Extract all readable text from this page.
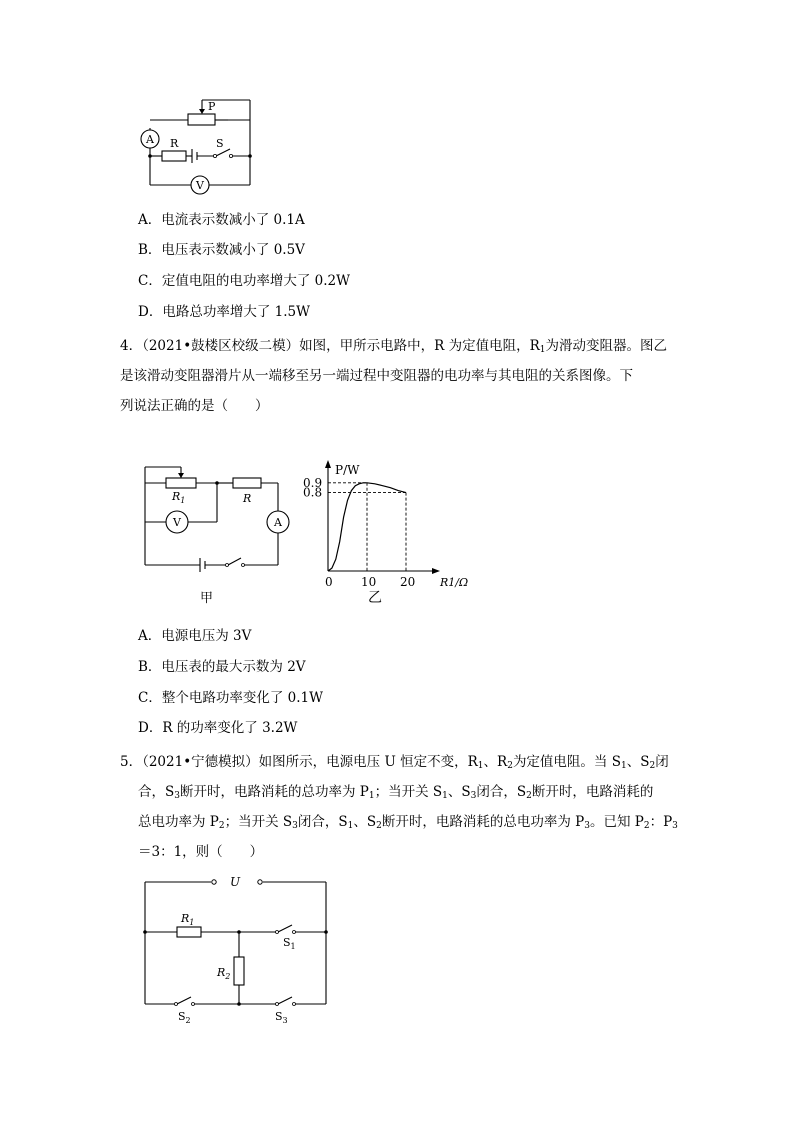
P
A R	S
V
A．电流表示数减小了 0.1A
B．电压表示数减小了 0.5V
C．定值电阻的电功率增大了 0.2W
D．电路总功率增大了 1.5W
4．（2021•鼓楼区校级二模）如图，甲所示电路中，R 为定值电阻，$R_1$为滑动变阻器。图乙
是该滑动变阻器滑片从一端移至另一端过程中变阻器的电功率与其电阻的关系图像。下
列说法正确的是（　　）
$R_1$	R
V	A
甲
0 10 20
0.8
0.9
P/W
R1/Ω
乙
A．电源电压为 3V
B．电压表的最大示数为 2V
C．整个电路功率变化了 0.1W
D．R 的功率变化了 3.2W
5．（2021•宁德模拟）如图所示，电源电压 U 恒定不变，$R_1$、$R_2$为定值电阻。当 $S_1$、$S_2$闭
合，$S_3$断开时，电路消耗的总功率为 $P_1$；当开关 $S_1$、$S_3$闭合，$S_2$断开时，电路消耗的
总电功率为 $P_2$；当开关 $S_3$闭合，$S_1$、$S_2$断开时，电路消耗的总电功率为 $P_3$。已知 $P_2$：$P_3$
＝3：1，则（　　）
U
$R_1$
$R_2$
$S_1$
$S_2$	$S_3$
